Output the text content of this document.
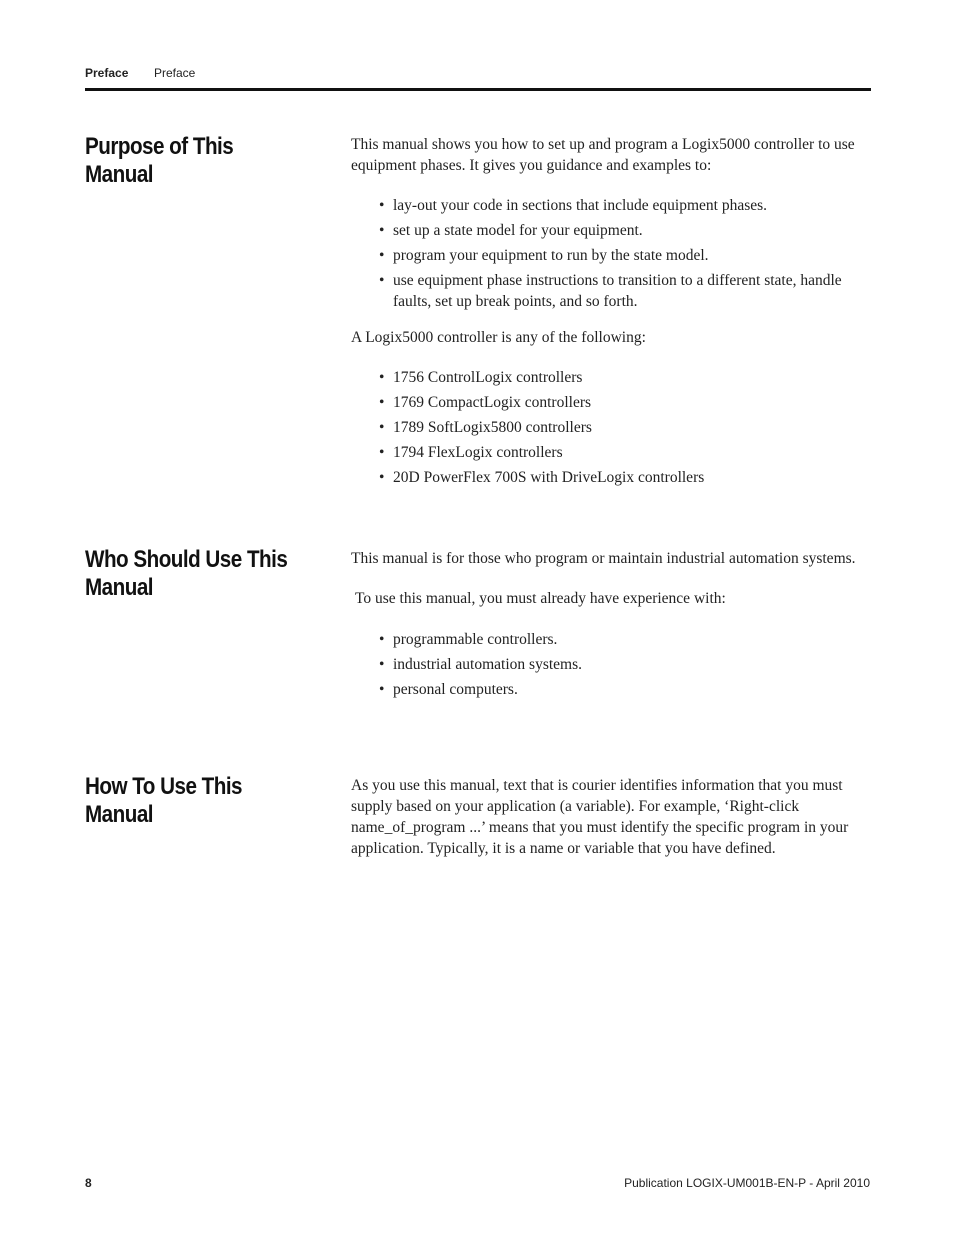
Preface Preface
Purpose of This Manual

This manual shows you how to set up and program a Logix5000 controller to use equipment phases. It gives you guidance and examples to:

• lay-out your code in sections that include equipment phases.
• set up a state model for your equipment.
• program your equipment to run by the state model.
• use equipment phase instructions to transition to a different state, handle faults, set up break points, and so forth.

A Logix5000 controller is any of the following:

• 1756 ControlLogix controllers
• 1769 CompactLogix controllers
• 1789 SoftLogix5800 controllers
• 1794 FlexLogix controllers
• 20D PowerFlex 700S with DriveLogix controllers
Who Should Use This Manual

This manual is for those who program or maintain industrial automation systems.

To use this manual, you must already have experience with:

• programmable controllers.
• industrial automation systems.
• personal computers.
How To Use This Manual

As you use this manual, text that is courier identifies information that you must supply based on your application (a variable). For example, ‘Right-click name_of_program ...’ means that you must identify the specific program in your application. Typically, it is a name or variable that you have defined.

8	Publication LOGIX-UM001B-EN-P - April 2010
